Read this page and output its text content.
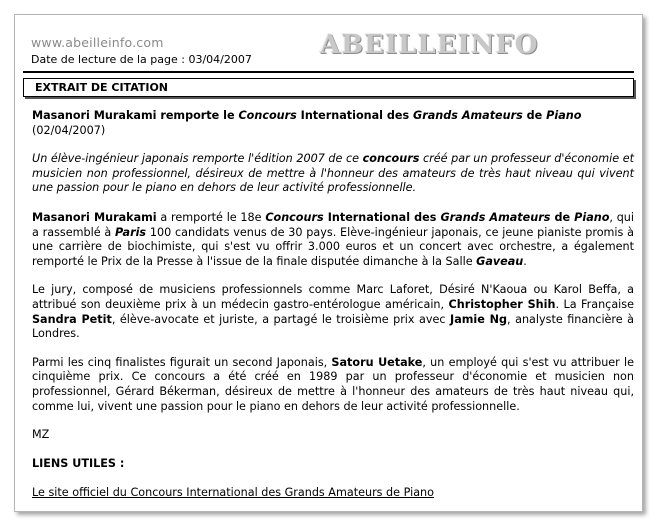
www.abeilleinfo.com
Date de lecture de la page : 03/04/2007	ABEILLEINFO
EXTRAIT DE CITATION

Masanori Murakami remporte le Concours International des Grands Amateurs de Piano

(02/04/2007)

Un élève-ingénieur japonais remporte l'édition 2007 de ce concours créé par un professeur d'économie et musicien non professionnel, désireux de mettre à l'honneur des amateurs de très haut niveau qui vivent une passion pour le piano en dehors de leur activité professionnelle.

Masanori Murakami a remporté le 18e Concours International des Grands Amateurs de Piano, qui a rassemblé à Paris 100 candidats venus de 30 pays. Elève-ingénieur japonais, ce jeune pianiste promis à une carrière de biochimiste, qui s'est vu offrir 3.000 euros et un concert avec orchestre, a également remporté le Prix de la Presse à l'issue de la finale disputée dimanche à la Salle Gaveau.

Le jury, composé de musiciens professionnels comme Marc Laforet, Désiré N'Kaoua ou Karol Beffa, a attribué son deuxième prix à un médecin gastro-entérologue américain, Christopher Shih. La Française Sandra Petit, élève-avocate et juriste, a partagé le troisième prix avec Jamie Ng, analyste financière à Londres.

Parmi les cinq finalistes figurait un second Japonais, Satoru Uetake, un employé qui s'est vu attribuer le cinquième prix. Ce concours a été créé en 1989 par un professeur d'économie et musicien non professionnel, Gérard Békerman, désireux de mettre à l'honneur des amateurs de très haut niveau qui, comme lui, vivent une passion pour le piano en dehors de leur activité professionnelle.

MZ

LIENS UTILES :

Le site officiel du Concours International des Grands Amateurs de Piano
